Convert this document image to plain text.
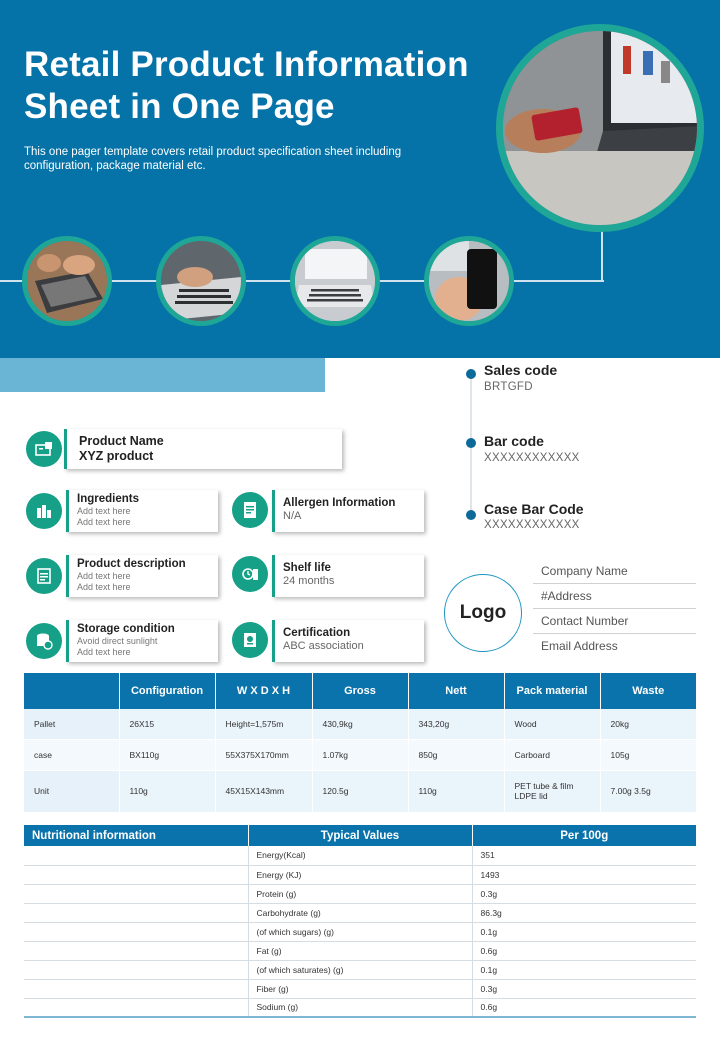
Retail Product Information Sheet in One Page
This one pager template covers retail product specification sheet including configuration, package material etc.
Sales code
BRTGFD
Bar code
XXXXXXXXXXXX
Case Bar Code
XXXXXXXXXXXX
Product Name
XYZ product
Ingredients
Add text here
Add text here
Allergen Information
N/A
Product description
Add text here
Add text here
Shelf life
24 months
Storage condition
Avoid direct sunlight
Add text here
Certification
ABC association
Logo
Company Name
#Address
Contact Number
Email Address
	Configuration	W X D X H	Gross	Nett	Pack material	Waste
Pallet	26X15	Height=1,575m	430,9kg	343,20g	Wood	20kg
case	BX110g	55X375X170mm	1.07kg	850g	Carboard	105g
Unit	110g	45X15X143mm	120.5g	110g	PET tube & film LDPE lid	7.00g 3.5g
Nutritional information	Typical Values	Per 100g
	Energy(Kcal)	351
	Energy (KJ)	1493
	Protein (g)	0.3g
	Carbohydrate (g)	86.3g
	(of which sugars) (g)	0.1g
	Fat (g)	0.6g
	(of which saturates) (g)	0.1g
	Fiber (g)	0.3g
	Sodium (g)	0.6g
